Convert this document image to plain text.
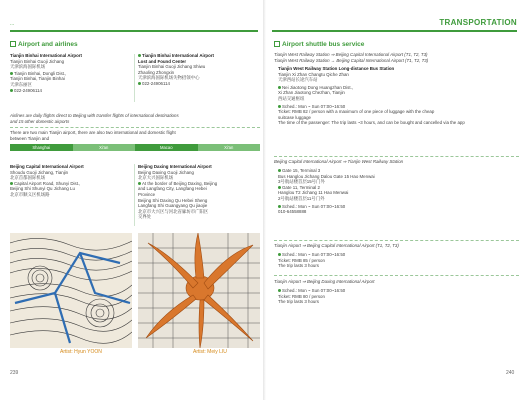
...
Airport and airlines
Tianjin Binhai International Airport
Tianjin Binhai Guoji Jichang
天津滨海国际机场
Tianjin Binhai, Dongli Dist.,
Tianjin Binhai, Tianjin Binhai
天津东丽区
022-24906114
Tianjin Binhai International Airport
Lost and Found Center
Tianjin Binhai Guoji Jichang Shiwu
Zhaoling Zhongxin
天津滨海国际机场失物招领中心
022-24906114
Airlines are daily flights direct to Beijing with transfer flights of international destinations
and 15 other domestic airports
There are two main Tianjin airport, there are also two international and domestic flight
between Tianjin and
Shanghai	Xi'an	Macao	Xi'an
Beijing Capital International Airport
Shoudu Guoji Jichang, Tianjin
北京首都国际机场
Capital Airport Road, Shunyi Dist.,
Beijing Shi Shunyi Qu Jichang Lu
北京市顺义区机场路
Beijing Daxing International Airport
Beijing Daxing Guoji Jichang
北京大兴国际机场
At the border of Beijing Daxing, Beijing
and Langfang City, Langfang Hebei
Province
Beijing Shi Daxing Qu Hebei Sheng
Langfang Shi Guangyang Qu jiaojie
北京市大兴区与河北省廊坊市广阳区
交界处
Artist: Hyun YOON	Artist: Meiy LIU
239
TRANSPORTATION
Airport shuttle bus service
Tianjin West Railway Station ⇒ Beijing Capital International Airport (T1, T2, T3)
Tianjin West Railway Station → Beijing Capital International Airport (T1, T2, T3)
Tianjin West Railway Station Long-distance Bus Station
Tianjin Xi Zhan Changtu Qiche Zhan
天津西站长途汽车站
Nei Jiaotong Dong Huangzhan Dist.,
Xi Zhan Jiaotong Chezhan, Tianjin
西站交通枢纽
Sched.: Mon ~ Sun 07:00~16:50
Ticket: RMB 82 / person with a maximum of one piece of luggage with the cheap
suitcase luggage
The time of the passenger: The trip lasts ~3 hours, and can be bought and cancelled via the app
Beijing Capital International Airport ⇒ Tianjin West Railway Station
Gate 15, Terminal 3
Bus Hanglou Jichang Dalou Gate 15 Hao Menwai
3号航站楼首层15号门外
Gate 11, Terminal 2
Hanglou T2 Jichang 11 Hao Menwai
2号航站楼首层11号门外
Sched.: Mon ~ Sun 07:00~16:50
010-64558888
Tianjin Airport ⇒ Beijing Capital International Airport (T1, T2, T3)
Sched.: Mon ~ Sun 07:00~16:50
Ticket: RMB 85 / person
The trip lasts 3 hours
Tianjin Airport ⇒ Beijing Daxing International Airport
Sched.: Mon ~ Sun 07:00~16:50
Ticket: RMB 80 / person
The trip lasts 3 hours
240
